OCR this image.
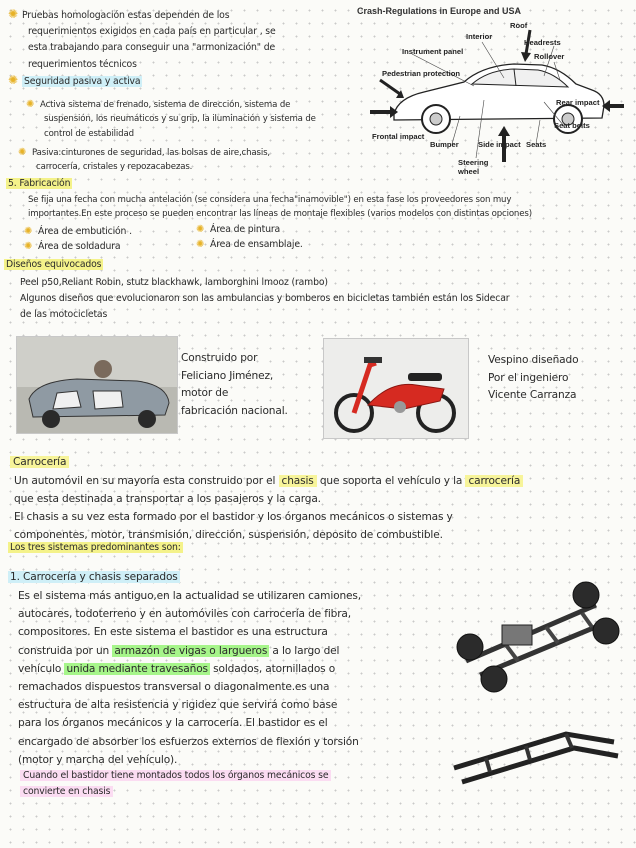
✺ Pruebas homologación estas dependen de los
requerimientos exigidos en cada país en particular , se
esta trabajando para conseguir una "armonización" de
requerimientos técnicos
✺ Seguridad pasiva y activa
✺ Activa sistema de frenado, sistema de dirección, sistema de
suspensión, los neumáticos y su grip, la iluminación y sistema de
control de estabilidad
✺ Pasiva:cinturones de seguridad, las bolsas de aire,chasis,
carrocería, cristales y repozacabezas.
Crash-Regulations in Europe and USA
Roof
Interior
Headrests
Instrument panel
Rollover
Pedestrian protection
Rear impact
Seat belts
Frontal impact
Bumper	Side impact Seats
Steering
wheel
5. Fabricación
Se fija una fecha con mucha antelación (se considera una fecha"inamovible") en esta fase los proveedores son muy
importantes.En este proceso se pueden encontrar las líneas de montaje flexibles (varios modelos con distintas opciones)
✺ Área de embutición .
✺ Área de soldadura
✺ Área de pintura
✺ Área de ensamblaje.
Diseños equivocados
Peel p50,Reliant Robin, stutz blackhawk, lamborghini lmooz (rambo)
Algunos diseños que evolucionaron son las ambulancias y bomberos en bicicletas también están los Sidecar
de las motocicletas
Construido por
Feliciano Jiménez,
motor de
fabricación nacional.
Vespino diseñado
Por el ingeniero
Vicente Carranza
Carrocería
Un automóvil en su mayoría esta construido por el chasis que soporta el vehículo y la carrocería
que esta destinada a transportar a los pasajeros y la carga.
El chasis a su vez esta formado por el bastidor y los órganos mecánicos o sistemas y
componentes, motor, transmisión, dirección, suspensión, deposito de combustible.
Los tres sistemas predominantes son:
1. Carrocería y chasis separados
Es el sistema más antiguo,en la actualidad se utilizaren camiones,
autocares, todoterreno y en automóviles con carrocería de fibra,
compositores. En este sistema el bastidor es una estructura
construida por un armazón de vigas o largueros a lo largo del
vehículo unida mediante travesaños soldados, atornillados o
remachados dispuestos transversal o diagonalmente.es una
estructura de alta resistencia y rigidez que servirá como base
para los órganos mecánicos y la carrocería. El bastidor es el
encargado de absorber los esfuerzos externos de flexión y torsión
(motor y marcha del vehículo).
Cuando el bastidor tiene montados todos los órganos mecánicos se
convierte en chasis
